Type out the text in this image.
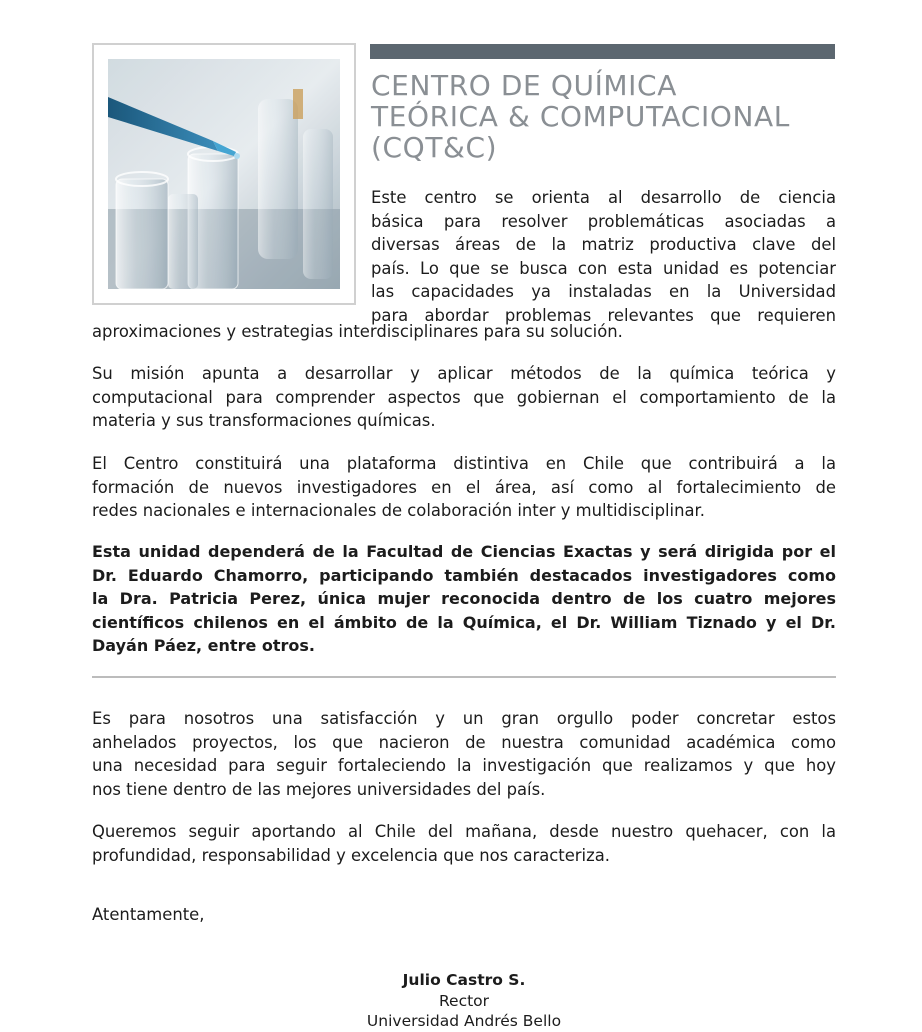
CENTRO DE QUÍMICA
TEÓRICA & COMPUTACIONAL
(CQT&C)

Este centro se orienta al desarrollo de ciencia
básica para resolver problemáticas asociadas a
diversas áreas de la matriz productiva clave del
país. Lo que se busca con esta unidad es potenciar
las capacidades ya instaladas en la Universidad
para abordar problemas relevantes que requieren

aproximaciones y estrategias interdisciplinares para su solución.

Su misión apunta a desarrollar y aplicar métodos de la química teórica y
computacional para comprender aspectos que gobiernan el comportamiento de la
materia y sus transformaciones químicas.

El Centro constituirá una plataforma distintiva en Chile que contribuirá a la
formación de nuevos investigadores en el área, así como al fortalecimiento de
redes nacionales e internacionales de colaboración inter y multidisciplinar.

Esta unidad dependerá de la Facultad de Ciencias Exactas y será dirigida por el
Dr. Eduardo Chamorro, participando también destacados investigadores como
la Dra. Patricia Perez, única mujer reconocida dentro de los cuatro mejores
científicos chilenos en el ámbito de la Química, el Dr. William Tiznado y el Dr.
Dayán Páez, entre otros.

Es para nosotros una satisfacción y un gran orgullo poder concretar estos
anhelados proyectos, los que nacieron de nuestra comunidad académica como
una necesidad para seguir fortaleciendo la investigación que realizamos y que hoy
nos tiene dentro de las mejores universidades del país.

Queremos seguir aportando al Chile del mañana, desde nuestro quehacer, con la
profundidad, responsabilidad y excelencia que nos caracteriza.

Atentamente,

Julio Castro S.
Rector
Universidad Andrés Bello
